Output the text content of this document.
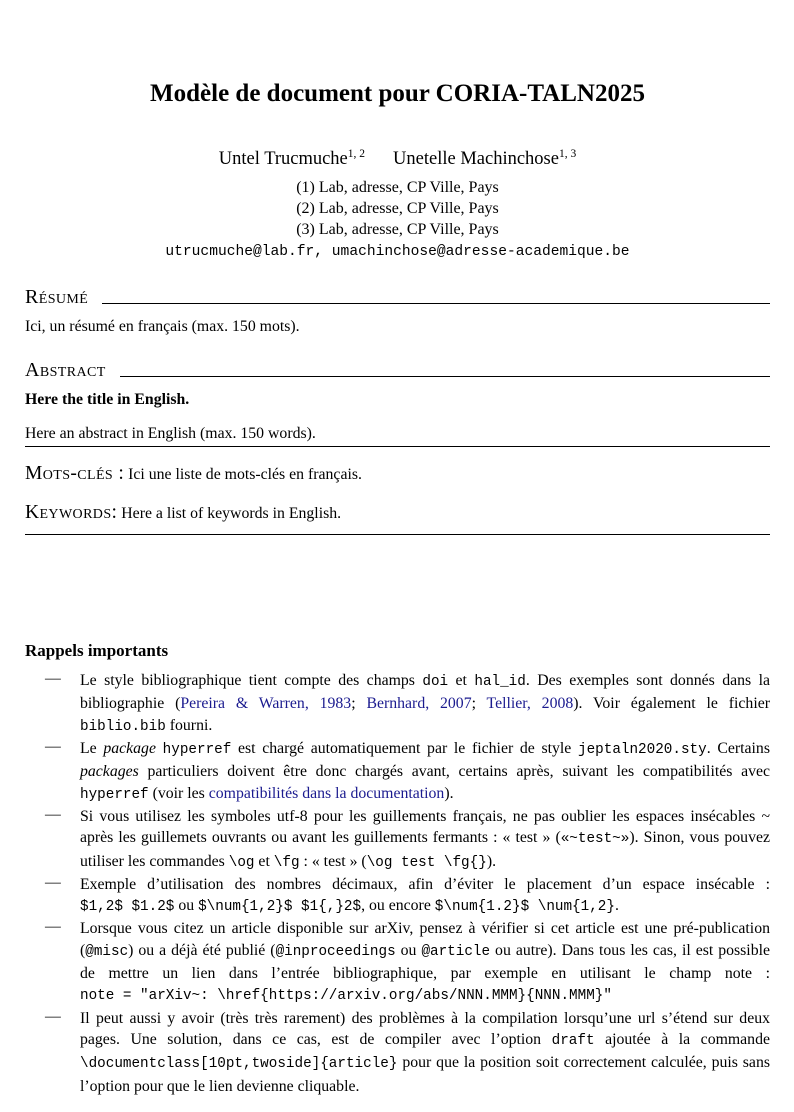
Modèle de document pour CORIA-TALN2025
Untel Trucmuche$^{1, 2}$ Unetelle Machinchose$^{1, 3}$
(1) Lab, adresse, CP Ville, Pays
(2) Lab, adresse, CP Ville, Pays
(3) Lab, adresse, CP Ville, Pays
utrucmuche@lab.fr, umachinchose@adresse-academique.be
Résumé
Ici, un résumé en français (max. 150 mots).
Abstract
Here the title in English.
Here an abstract in English (max. 150 words).
Mots-clés : Ici une liste de mots-clés en français.
Keywords: Here a list of keywords in English.
Rappels importants
—	Le style bibliographique tient compte des champs doi et hal_id. Des exemples sont donnés dans la bibliographie (Pereira & Warren, 1983; Bernhard, 2007; Tellier, 2008). Voir également le fichier biblio.bib fourni.
—	Le package hyperref est chargé automatiquement par le fichier de style jeptaln2020.sty. Certains packages particuliers doivent être donc chargés avant, certains après, suivant les compatibilités avec hyperref (voir les compatibilités dans la documentation).
—	Si vous utilisez les symboles utf-8 pour les guillements français, ne pas oublier les espaces insécables ~ après les guillemets ouvrants ou avant les guillements fermants : « test » («~test~»). Sinon, vous pouvez utiliser les commandes \og et \fg : « test » (\og test \fg{}).
—	Exemple d’utilisation des nombres décimaux, afin d’éviter le placement d’un espace insécable : $1,2$ $1.2$ ou $\num{1,2}$ $1{,}2$, ou encore $\num{1.2}$ \num{1,2}.
—	Lorsque vous citez un article disponible sur arXiv, pensez à vérifier si cet article est une pré-publication (@misc) ou a déjà été publié (@inproceedings ou @article ou autre). Dans tous les cas, il est possible de mettre un lien dans l’entrée bibliographique, par exemple en utilisant le champ note : note = "arXiv~: \href{https://arxiv.org/abs/NNN.MMM}{NNN.MMM}"
—	Il peut aussi y avoir (très très rarement) des problèmes à la compilation lorsqu’une url s’étend sur deux pages. Une solution, dans ce cas, est de compiler avec l’option draft ajoutée à la commande \documentclass[10pt,twoside]{article} pour que la position soit correctement calculée, puis sans l’option pour que le lien devienne cliquable.
